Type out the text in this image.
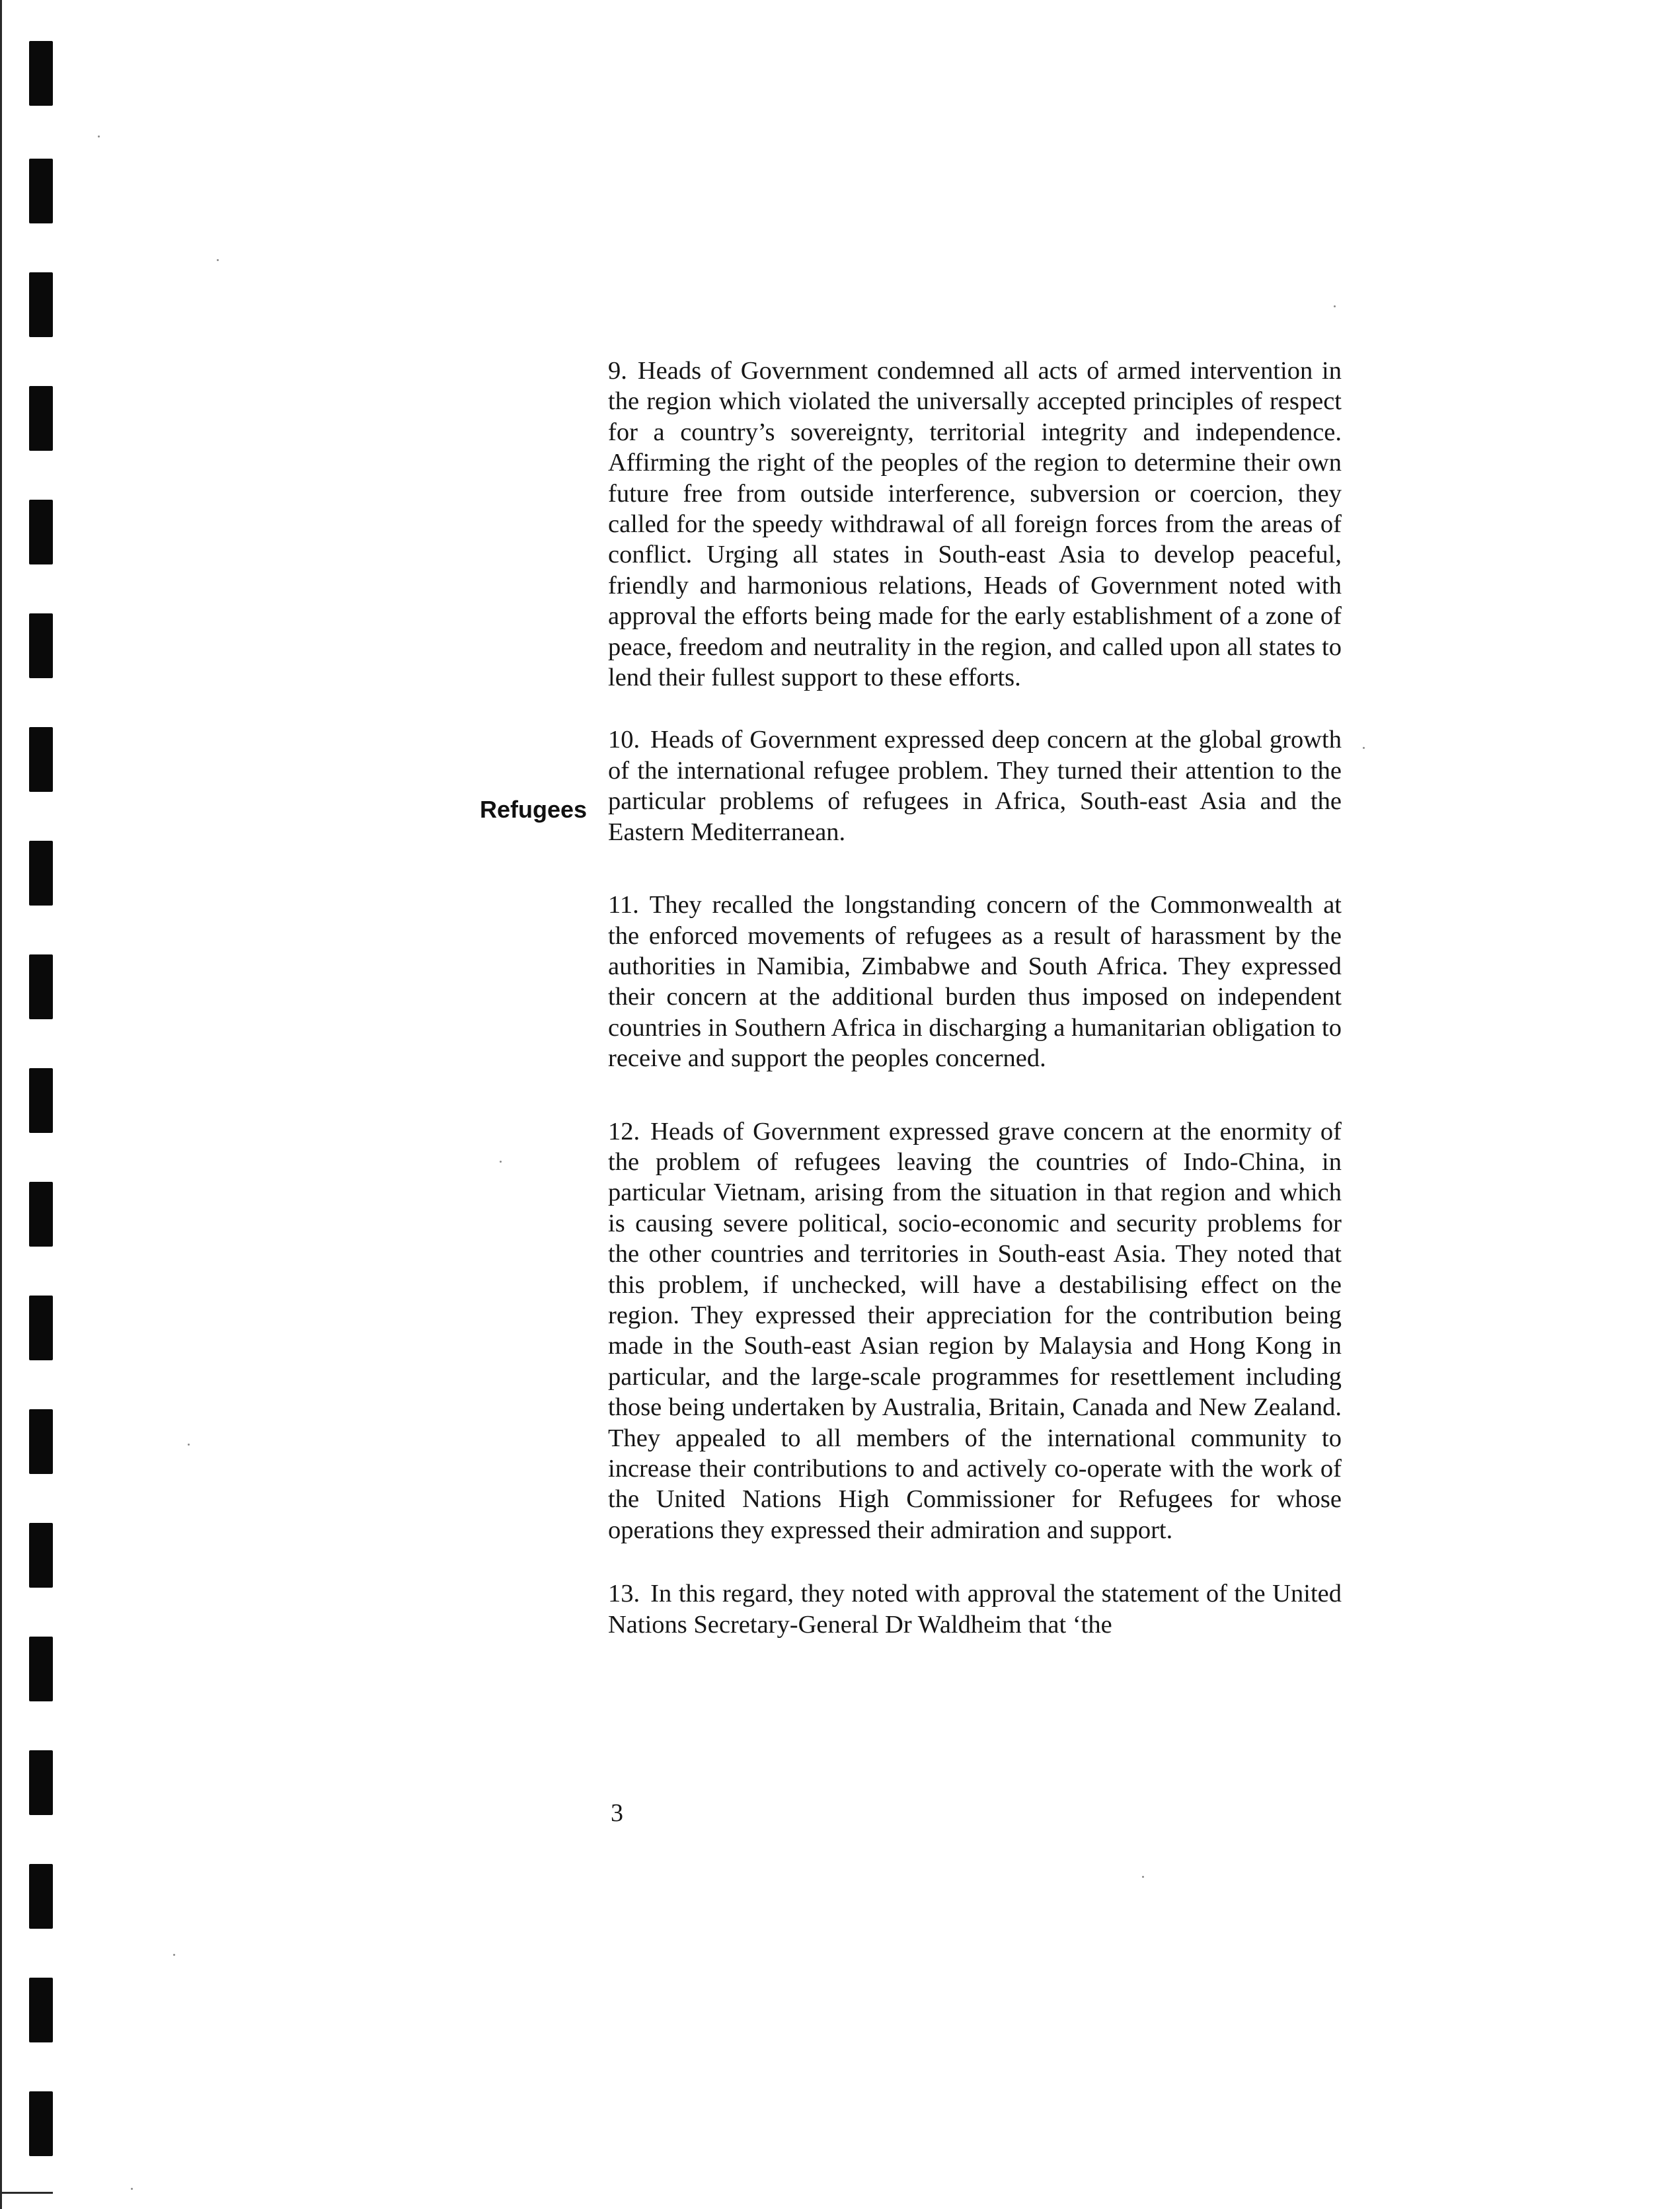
Refugees

9. Heads of Government condemned all acts of armed intervention in the region which violated the universally accepted principles of respect for a country’s sovereignty, territorial integrity and independence. Affirming the right of the peoples of the region to determine their own future free from outside interference, subversion or coercion, they called for the speedy withdrawal of all foreign forces from the areas of conflict. Urging all states in South-east Asia to develop peaceful, friendly and harmonious relations, Heads of Government noted with approval the efforts being made for the early establishment of a zone of peace, freedom and neutrality in the region, and called upon all states to lend their fullest support to these efforts.

10. Heads of Government expressed deep concern at the global growth of the international refugee problem. They turned their attention to the particular problems of refugees in Africa, South-east Asia and the Eastern Mediterranean.

11. They recalled the longstanding concern of the Commonwealth at the enforced movements of refugees as a result of harassment by the authorities in Namibia, Zimbabwe and South Africa. They expressed their concern at the additional burden thus imposed on independent countries in Southern Africa in discharging a humanitarian obligation to receive and support the peoples concerned.

12. Heads of Government expressed grave concern at the enormity of the problem of refugees leaving the countries of Indo-China, in particular Vietnam, arising from the situation in that region and which is causing severe political, socio-economic and security problems for the other countries and territories in South-east Asia. They noted that this problem, if unchecked, will have a destabilising effect on the region. They expressed their appreciation for the contribution being made in the South-east Asian region by Malaysia and Hong Kong in particular, and the large-scale programmes for resettlement including those being undertaken by Australia, Britain, Canada and New Zealand. They appealed to all members of the international community to increase their contributions to and actively co-operate with the work of the United Nations High Commissioner for Refugees for whose operations they expressed their admiration and support.

13. In this regard, they noted with approval the statement of the United Nations Secretary-General Dr Waldheim that ‘the

3
